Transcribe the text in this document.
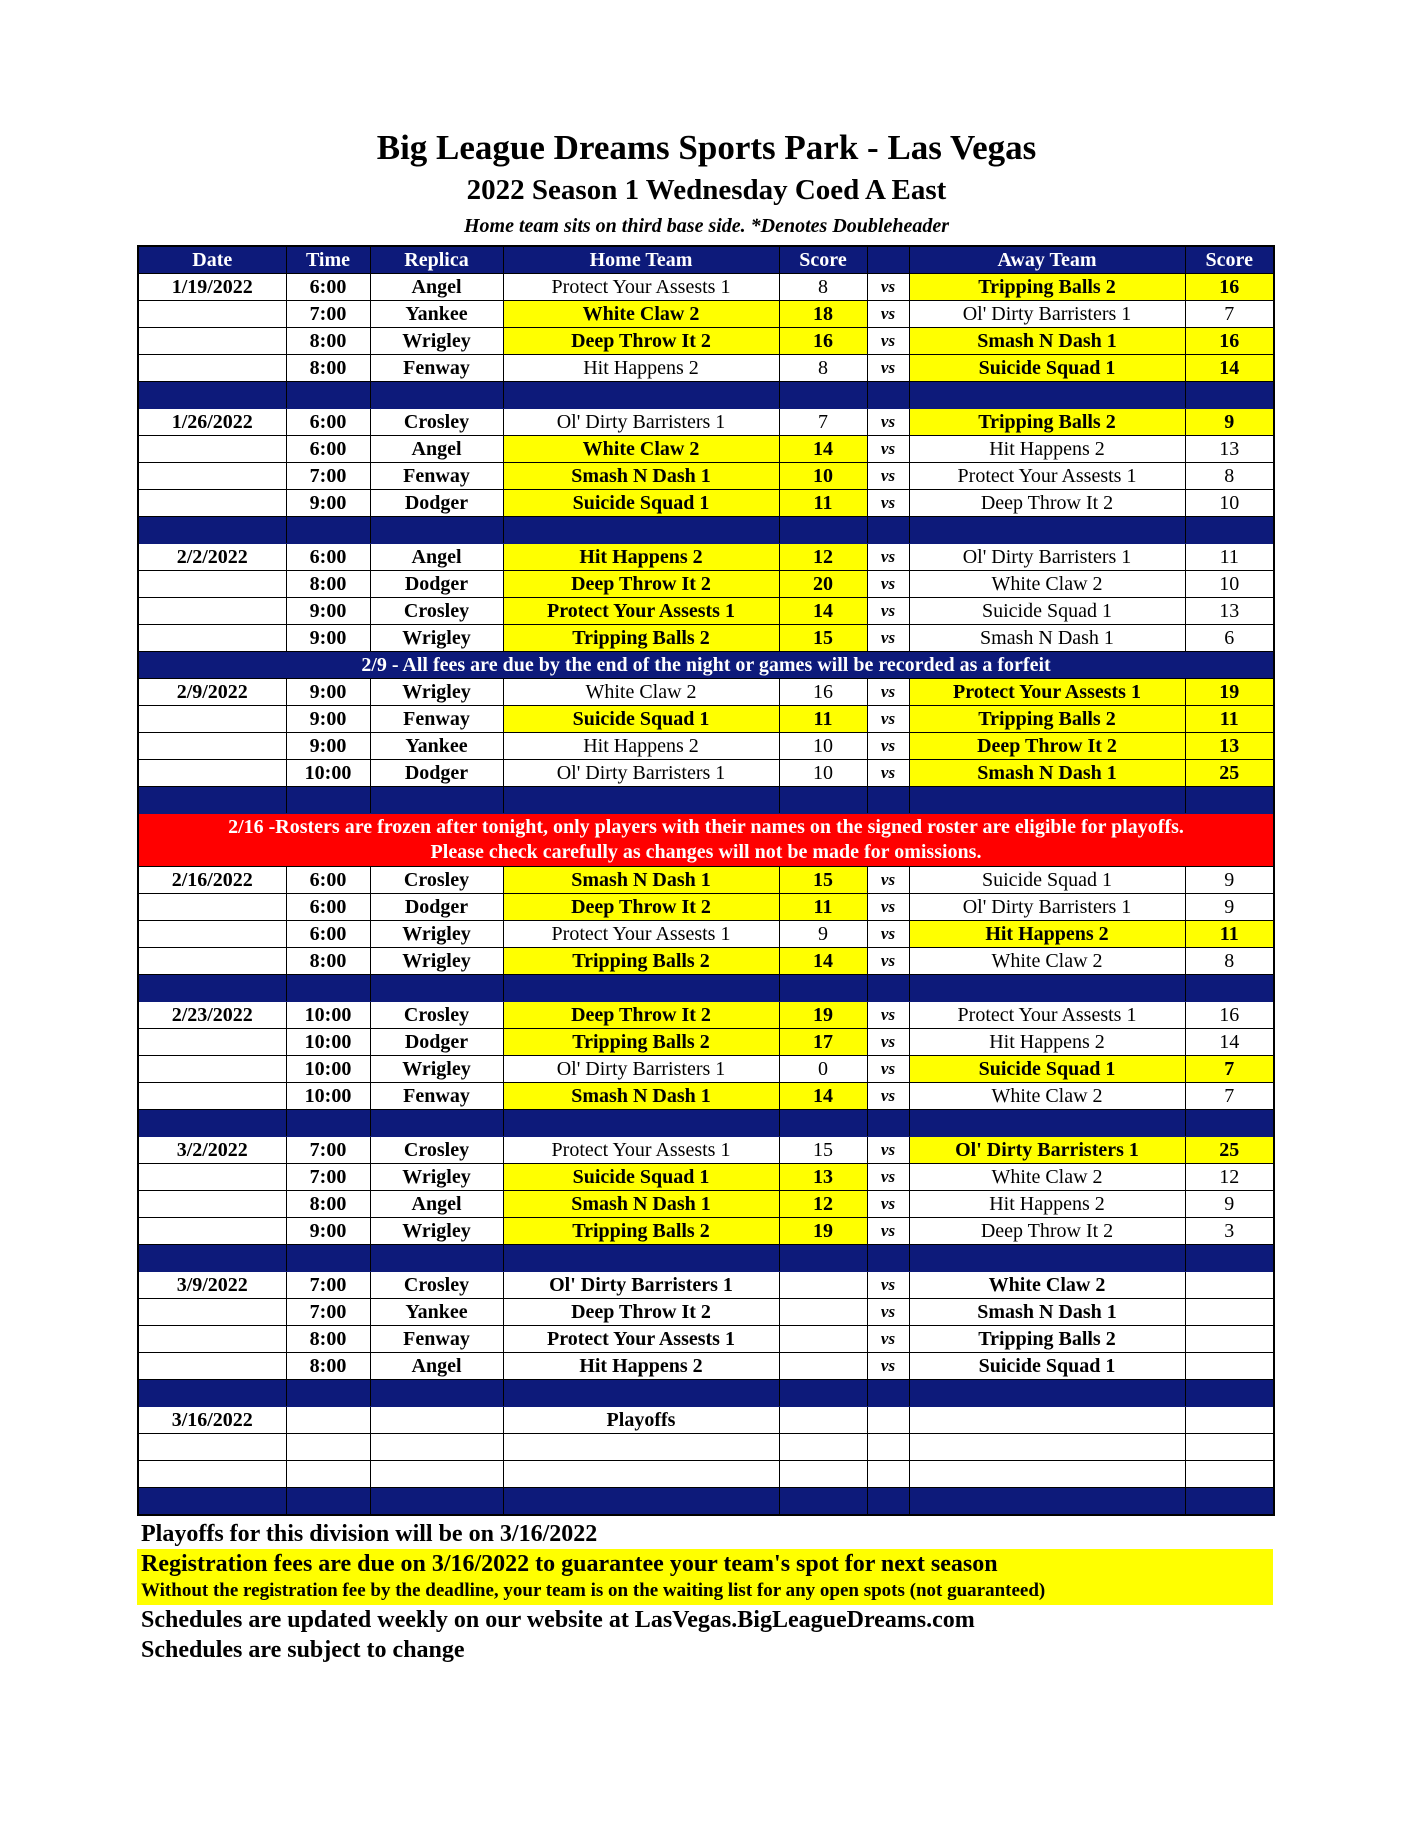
Big League Dreams Sports Park - Las Vegas
2022 Season 1 Wednesday Coed A East
Home team sits on third base side. *Denotes Doubleheader
Date	Time	Replica	Home Team	Score		Away Team	Score
1/19/2022	6:00	Angel	Protect Your Assests 1	8	vs	Tripping Balls 2	16
	7:00	Yankee	White Claw 2	18	vs	Ol' Dirty Barristers 1	7
	8:00	Wrigley	Deep Throw It 2	16	vs	Smash N Dash 1	16
	8:00	Fenway	Hit Happens 2	8	vs	Suicide Squad 1	14

1/26/2022	6:00	Crosley	Ol' Dirty Barristers 1	7	vs	Tripping Balls 2	9
	6:00	Angel	White Claw 2	14	vs	Hit Happens 2	13
	7:00	Fenway	Smash N Dash 1	10	vs	Protect Your Assests 1	8
	9:00	Dodger	Suicide Squad 1	11	vs	Deep Throw It 2	10

2/2/2022	6:00	Angel	Hit Happens 2	12	vs	Ol' Dirty Barristers 1	11
	8:00	Dodger	Deep Throw It 2	20	vs	White Claw 2	10
	9:00	Crosley	Protect Your Assests 1	14	vs	Suicide Squad 1	13
	9:00	Wrigley	Tripping Balls 2	15	vs	Smash N Dash 1	6
2/9 - All fees are due by the end of the night or games will be recorded as a forfeit							
2/9/2022	9:00	Wrigley	White Claw 2	16	vs	Protect Your Assests 1	19
	9:00	Fenway	Suicide Squad 1	11	vs	Tripping Balls 2	11
	9:00	Yankee	Hit Happens 2	10	vs	Deep Throw It 2	13
	10:00	Dodger	Ol' Dirty Barristers 1	10	vs	Smash N Dash 1	25

2/16 -Rosters are frozen after tonight, only players with their names on the signed roster are eligible for playoffs.
Please check carefully as changes will not be made for omissions.							

2/16/2022	6:00	Crosley	Smash N Dash 1	15	vs	Suicide Squad 1	9
	6:00	Dodger	Deep Throw It 2	11	vs	Ol' Dirty Barristers 1	9
	6:00	Wrigley	Protect Your Assests 1	9	vs	Hit Happens 2	11
	8:00	Wrigley	Tripping Balls 2	14	vs	White Claw 2	8

2/23/2022	10:00	Crosley	Deep Throw It 2	19	vs	Protect Your Assests 1	16
	10:00	Dodger	Tripping Balls 2	17	vs	Hit Happens 2	14
	10:00	Wrigley	Ol' Dirty Barristers 1	0	vs	Suicide Squad 1	7
	10:00	Fenway	Smash N Dash 1	14	vs	White Claw 2	7

3/2/2022	7:00	Crosley	Protect Your Assests 1	15	vs	Ol' Dirty Barristers 1	25
	7:00	Wrigley	Suicide Squad 1	13	vs	White Claw 2	12
	8:00	Angel	Smash N Dash 1	12	vs	Hit Happens 2	9
	9:00	Wrigley	Tripping Balls 2	19	vs	Deep Throw It 2	3

3/9/2022	7:00	Crosley	Ol' Dirty Barristers 1		vs	White Claw 2	
	7:00	Yankee	Deep Throw It 2		vs	Smash N Dash 1	
	8:00	Fenway	Protect Your Assests 1		vs	Tripping Balls 2	
	8:00	Angel	Hit Happens 2		vs	Suicide Squad 1	

3/16/2022			Playoffs				

Playoffs for this division will be on 3/16/2022
Registration fees are due on 3/16/2022 to guarantee your team's spot for next season
Without the registration fee by the deadline, your team is on the waiting list for any open spots (not guaranteed)
Schedules are updated weekly on our website at LasVegas.BigLeagueDreams.com
Schedules are subject to change
